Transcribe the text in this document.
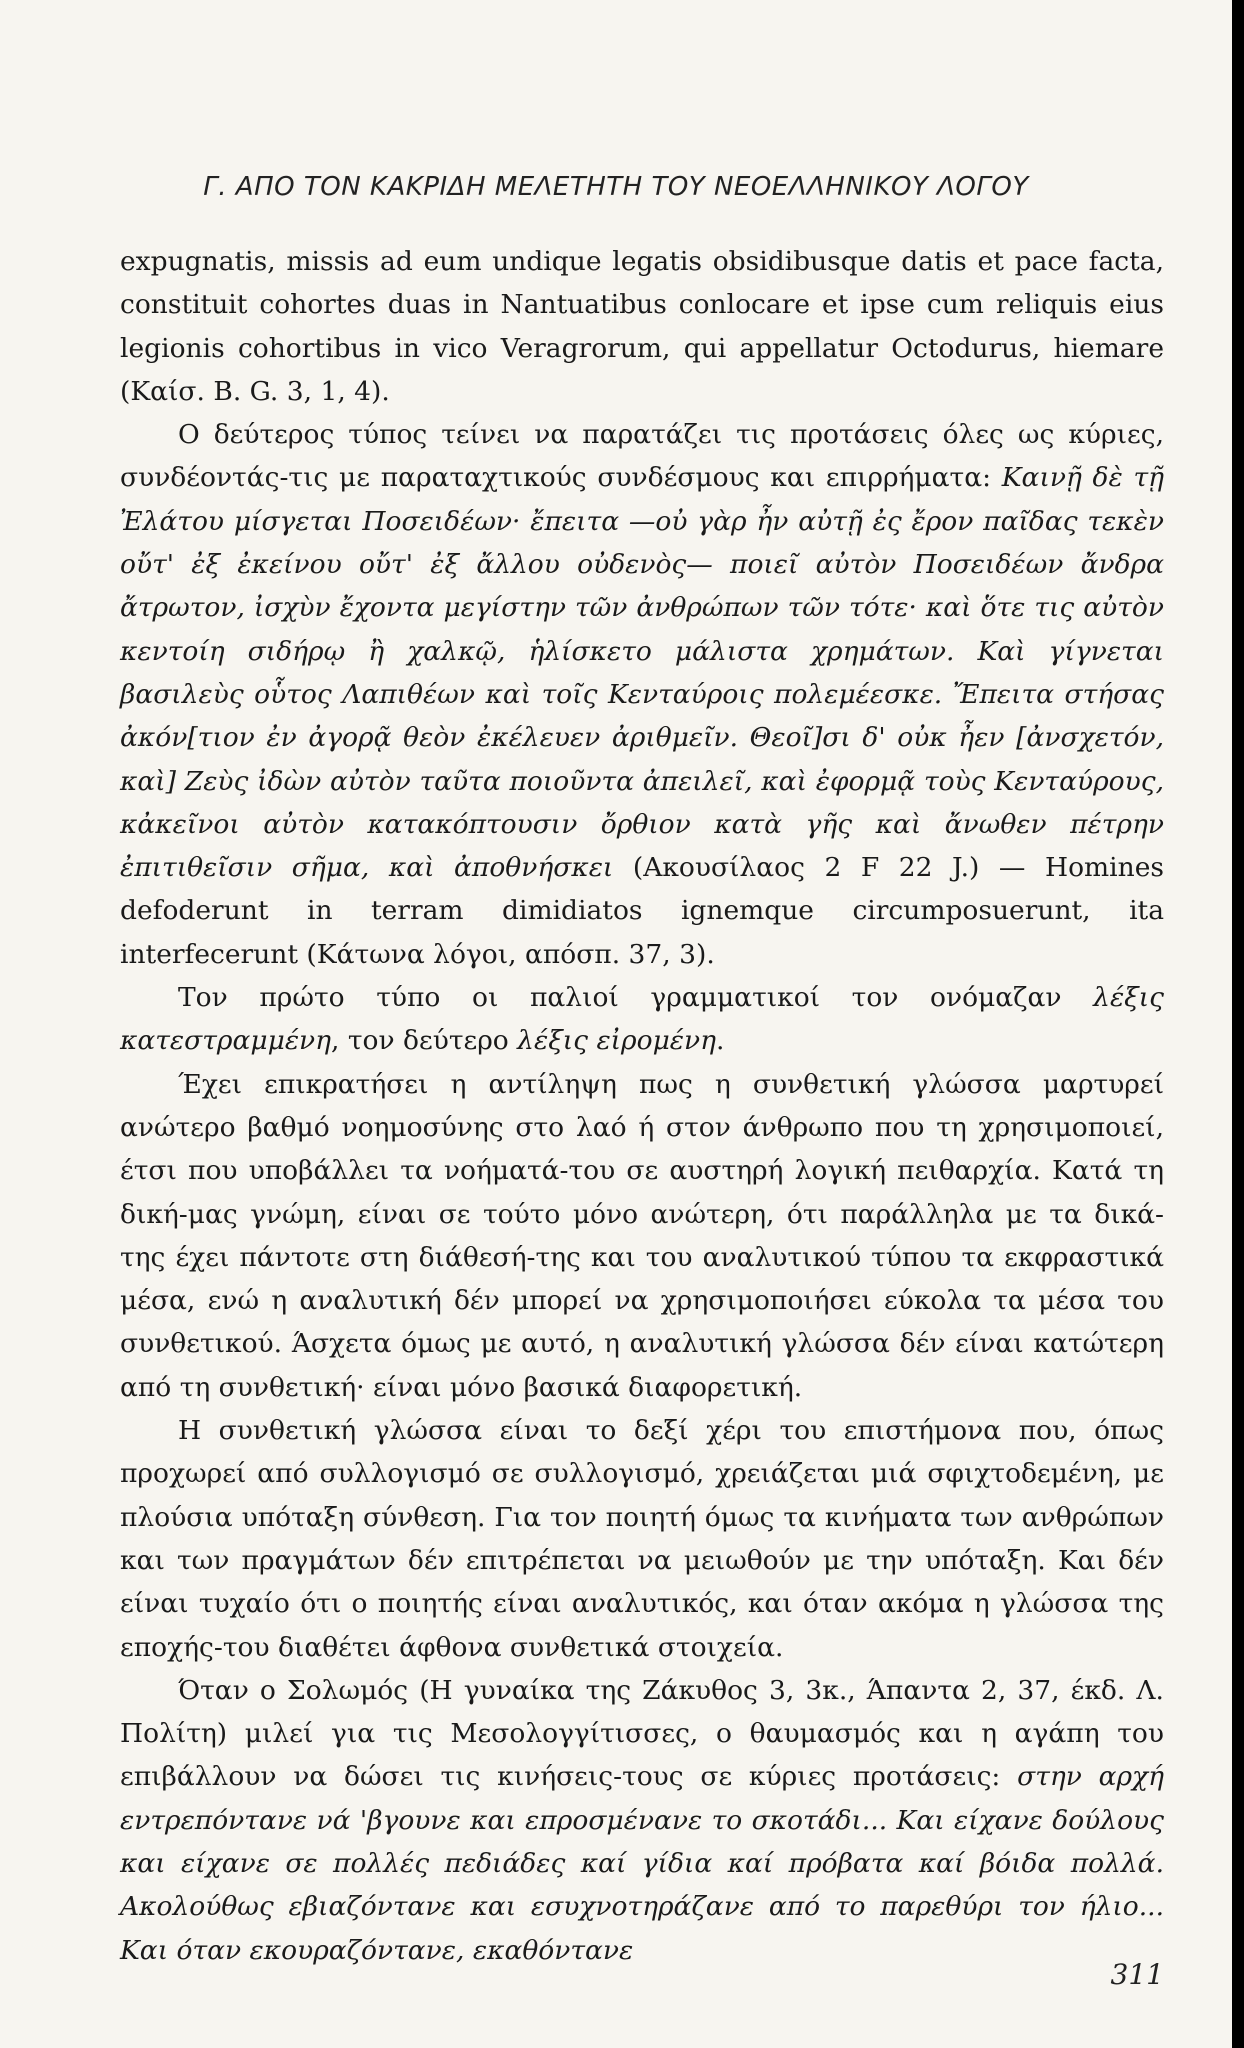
Γ. ΑΠΟ ΤΟΝ ΚΑΚΡΙΔΗ ΜΕΛΕΤΗΤΗ ΤΟΥ ΝΕΟΕΛΛΗΝΙΚΟΥ ΛΟΓΟΥ

expugnatis, missis ad eum undique legatis obsidibusque datis et pace facta, constituit cohortes duas in Nantuatibus conlocare et ipse cum reliquis eius legionis cohortibus in vico Veragrorum, qui appellatur Octodurus, hiemare (Καίσ. B. G. 3, 1, 4).

Ο δεύτερος τύπος τείνει να παρατάζει τις προτάσεις όλες ως κύριες, συνδέοντάς-τις με παραταχτικούς συνδέσμους και επιρρήματα: Καινῇ δὲ τῇ Ἐλάτου μίσγεται Ποσειδέων· ἔπειτα —οὐ γὰρ ἦν αὐτῇ ἐς ἔρον παῖδας τεκὲν οὔτ' ἐξ ἐκείνου οὔτ' ἐξ ἄλλου οὐδενὸς— ποιεῖ αὐτὸν Ποσειδέων ἄνδρα ἄτρωτον, ἰσχὺν ἔχοντα μεγίστην τῶν ἀνθρώπων τῶν τότε· καὶ ὅτε τις αὐτὸν κεντοίη σιδήρῳ ἢ χαλκῷ, ἡλίσκετο μάλιστα χρημάτων. Καὶ γίγνεται βασιλεὺς οὗτος Λαπιθέων καὶ τοῖς Κενταύροις πολεμέεσκε. Ἔπειτα στήσας ἀκόν[τιον ἐν ἀγορᾷ θεὸν ἐκέλευεν ἀριθμεῖν. Θεοῖ]σι δ' οὐκ ἦεν [ἀνσχετόν, καὶ] Ζεὺς ἰδὼν αὐτὸν ταῦτα ποιοῦντα ἀπειλεῖ, καὶ ἐφορμᾷ τοὺς Κενταύρους, κἀκεῖνοι αὐτὸν κατακόπτουσιν ὄρθιον κατὰ γῆς καὶ ἄνωθεν πέτρην ἐπιτιθεῖσιν σῆμα, καὶ ἀποθνήσκει (Ακουσίλαος 2 F 22 J.) — Homines defoderunt in terram dimidiatos ignemque circumposuerunt, ita interfecerunt (Κάτωνα λόγοι, απόσπ. 37, 3).

Τον πρώτο τύπο οι παλιοί γραμματικοί τον ονόμαζαν λέξις κατεστραμμένη, τον δεύτερο λέξις εἰρομένη.

Έχει επικρατήσει η αντίληψη πως η συνθετική γλώσσα μαρτυρεί ανώτερο βαθμό νοημοσύνης στο λαό ή στον άνθρωπο που τη χρησιμοποιεί, έτσι που υποβάλλει τα νοήματά-του σε αυστηρή λογική πειθαρχία. Κατά τη δική-μας γνώμη, είναι σε τούτο μόνο ανώτερη, ότι παράλληλα με τα δικά-της έχει πάντοτε στη διάθεσή-της και του αναλυτικού τύπου τα εκφραστικά μέσα, ενώ η αναλυτική δέν μπορεί να χρησιμοποιήσει εύκολα τα μέσα του συνθετικού. Άσχετα όμως με αυτό, η αναλυτική γλώσσα δέν είναι κατώτερη από τη συνθετική· είναι μόνο βασικά διαφορετική.

Η συνθετική γλώσσα είναι το δεξί χέρι του επιστήμονα που, όπως προχωρεί από συλλογισμό σε συλλογισμό, χρειάζεται μιά σφιχτοδεμένη, με πλούσια υπόταξη σύνθεση. Για τον ποιητή όμως τα κινήματα των ανθρώπων και των πραγμάτων δέν επιτρέπεται να μειωθούν με την υπόταξη. Και δέν είναι τυχαίο ότι ο ποιητής είναι αναλυτικός, και όταν ακόμα η γλώσσα της εποχής-του διαθέτει άφθονα συνθετικά στοιχεία.

Όταν ο Σολωμός (Η γυναίκα της Ζάκυθος 3, 3κ., Άπαντα 2, 37, έκδ. Λ. Πολίτη) μιλεί για τις Μεσολογγίτισσες, ο θαυμασμός και η αγάπη του επιβάλλουν να δώσει τις κινήσεις-τους σε κύριες προτάσεις: στην αρχή εντρεπόντανε νά 'βγουνε και επροσμένανε το σκοτάδι... Και είχανε δούλους και είχανε σε πολλές πεδιάδες καί γίδια καί πρόβατα καί βόιδα πολλά. Ακολούθως εβιαζόντανε και εσυχνοτηράζανε από το παρεθύρι τον ήλιο... Και όταν εκουραζόντανε, εκαθόντανε

311
